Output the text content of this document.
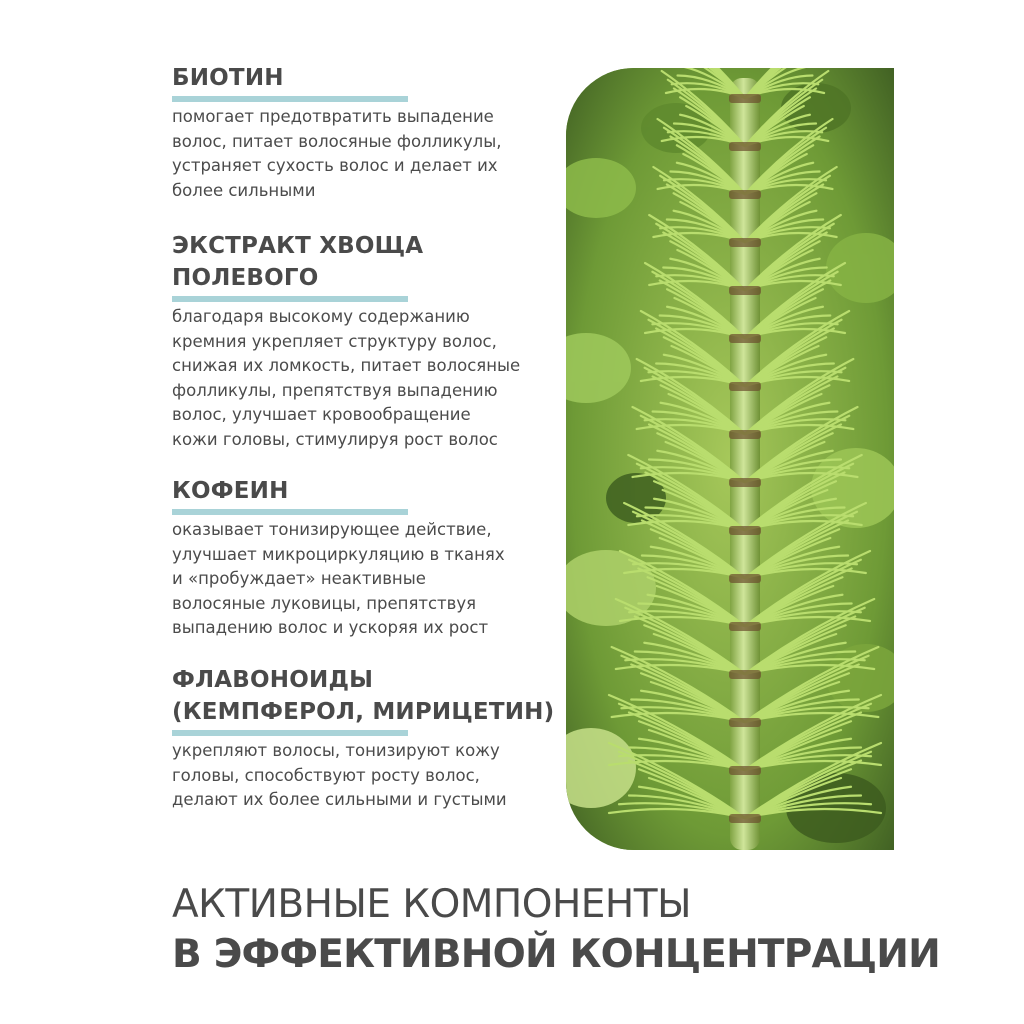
БИОТИН
помогает предотвратить выпадение
волос, питает волосяные фолликулы,
устраняет сухость волос и делает их
более сильными
ЭКСТРАКТ ХВОЩА
ПОЛЕВОГО
благодаря высокому содержанию
кремния укрепляет структуру волос,
снижая их ломкость, питает волосяные
фолликулы, препятствуя выпадению
волос, улучшает кровообращение
кожи головы, стимулируя рост волос
КОФЕИН
оказывает тонизирующее действие,
улучшает микроциркуляцию в тканях
и «пробуждает» неактивные
волосяные луковицы, препятствуя
выпадению волос и ускоряя их рост
ФЛАВОНОИДЫ
(КЕМПФЕРОЛ, МИРИЦЕТИН)
укрепляют волосы, тонизируют кожу
головы, способствуют росту волос,
делают их более сильными и густыми
АКТИВНЫЕ КОМПОНЕНТЫ
В ЭФФЕКТИВНОЙ КОНЦЕНТРАЦИИ
